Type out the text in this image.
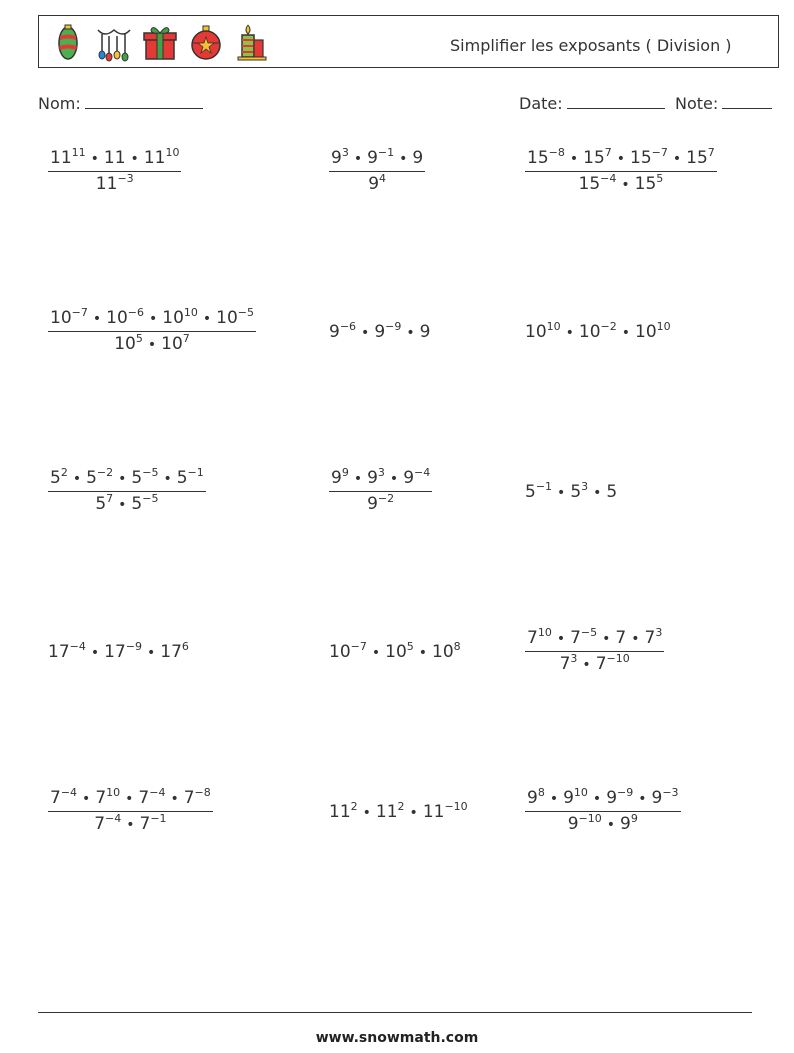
Simplifier les exposants ( Division )
Nom:	Date:	Note:
$\frac{11^{11} • 11 • 11^{10}}{11^{-3}}$	$\frac{9^3 • 9^{-1} • 9}{9^4}$	$\frac{15^{-8} • 15^7 • 15^{-7} • 15^7}{15^{-4} • 15^5}$
$\frac{10^{-7} • 10^{-6} • 10^{10} • 10^{-5}}{10^5 • 10^7}$	$9^{-6}$ • $9^{-9}$ • 9	$10^{10}$ • $10^{-2}$ • $10^{10}$
$\frac{5^2 • 5^{-2} • 5^{-5} • 5^{-1}}{5^7 • 5^{-5}}$	$\frac{9^9 • 9^3 • 9^{-4}}{9^{-2}}$	$5^{-1}$ • $5^3$ • 5
$17^{-4}$ • $17^{-9}$ • $17^6$	$10^{-7}$ • $10^5$ • $10^8$	$\frac{7^{10} • 7^{-5} • 7 • 7^3}{7^3 • 7^{-10}}$
$\frac{7^{-4} • 7^{10} • 7^{-4} • 7^{-8}}{7^{-4} • 7^{-1}}$	$11^2$ • $11^2$ • $11^{-10}$	$\frac{9^8 • 9^{10} • 9^{-9} • 9^{-3}}{9^{-10} • 9^9}$
www.snowmath.com
